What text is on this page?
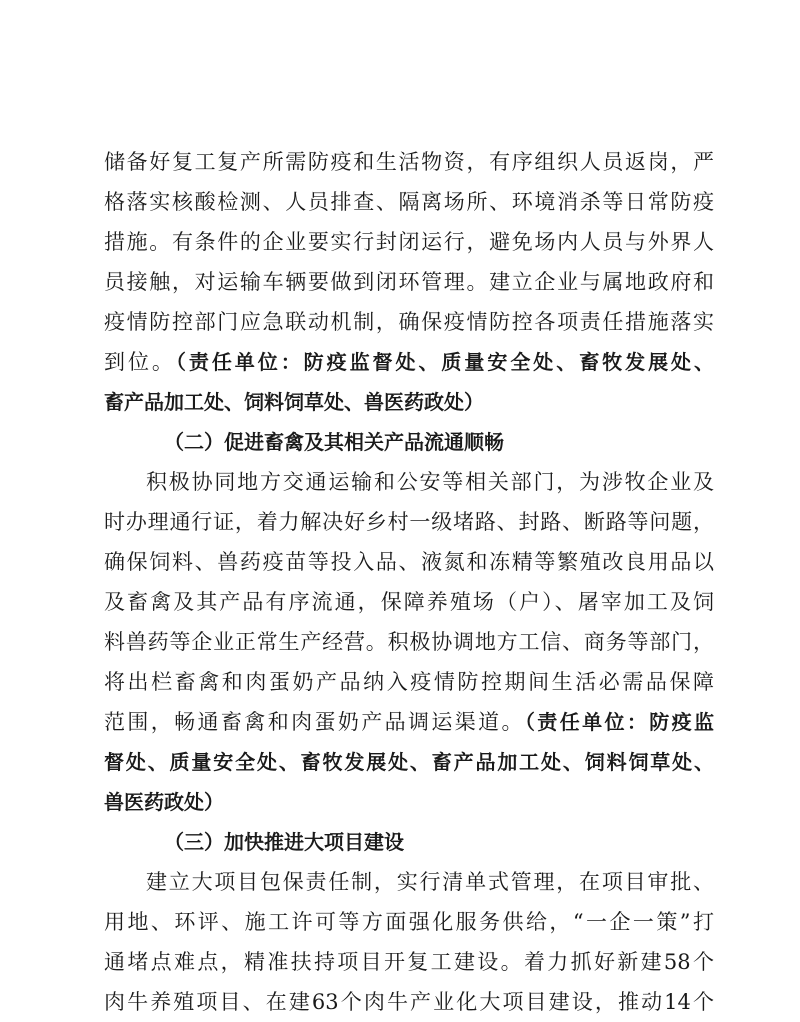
储备好复工复产所需防疫和生活物资，有序组织人员返岗，严
格落实核酸检测、人员排查、隔离场所、环境消杀等日常防疫
措施。有条件的企业要实行封闭运行，避免场内人员与外界人
员接触，对运输车辆要做到闭环管理。建立企业与属地政府和
疫情防控部门应急联动机制，确保疫情防控各项责任措施落实
到位。（责任单位：防疫监督处、质量安全处、畜牧发展处、
畜产品加工处、饲料饲草处、兽医药政处）
（二）促进畜禽及其相关产品流通顺畅
积极协同地方交通运输和公安等相关部门，为涉牧企业及
时办理通行证，着力解决好乡村一级堵路、封路、断路等问题，
确保饲料、兽药疫苗等投入品、液氮和冻精等繁殖改良用品以
及畜禽及其产品有序流通，保障养殖场（户）、屠宰加工及饲
料兽药等企业正常生产经营。积极协调地方工信、商务等部门，
将出栏畜禽和肉蛋奶产品纳入疫情防控期间生活必需品保障
范围，畅通畜禽和肉蛋奶产品调运渠道。（责任单位：防疫监
督处、质量安全处、畜牧发展处、畜产品加工处、饲料饲草处、
兽医药政处）
（三）加快推进大项目建设
建立大项目包保责任制，实行清单式管理，在项目审批、
用地、环评、施工许可等方面强化服务供给，“一企一策”打
通堵点难点，精准扶持项目开复工建设。着力抓好新建58个
肉牛养殖项目、在建63个肉牛产业化大项目建设，推动14个
